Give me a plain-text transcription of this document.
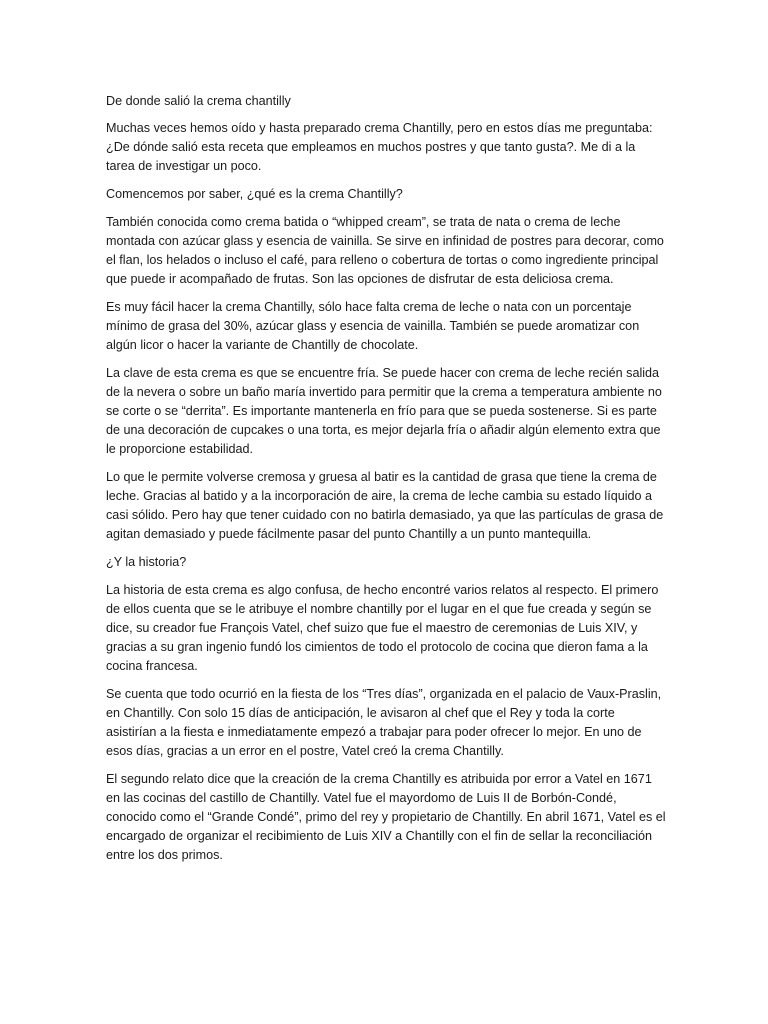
De donde salió la crema chantilly

Muchas veces hemos oído y hasta preparado crema Chantilly, pero en estos días me preguntaba: ¿De dónde salió esta receta que empleamos en muchos postres y que tanto gusta?. Me di a la tarea de investigar un poco.

Comencemos por saber, ¿qué es la crema Chantilly?

También conocida como crema batida o “whipped cream”, se trata de nata o crema de leche montada con azúcar glass y esencia de vainilla. Se sirve en infinidad de postres para decorar, como el flan, los helados o incluso el café, para relleno o cobertura de tortas o como ingrediente principal que puede ir acompañado de frutas. Son las opciones de disfrutar de esta deliciosa crema.

Es muy fácil hacer la crema Chantilly, sólo hace falta crema de leche o nata con un porcentaje mínimo de grasa del 30%, azúcar glass y esencia de vainilla. También se puede aromatizar con algún licor o hacer la variante de Chantilly de chocolate.

La clave de esta crema es que se encuentre fría. Se puede hacer con crema de leche recién salida de la nevera o sobre un baño maría invertido para permitir que la crema a temperatura ambiente no se corte o se “derrita”. Es importante mantenerla en frío para que se pueda sostenerse. Si es parte de una decoración de cupcakes o una torta, es mejor dejarla fría o añadir algún elemento extra que le proporcione estabilidad.

Lo que le permite volverse cremosa y gruesa al batir es la cantidad de grasa que tiene la crema de leche. Gracias al batido y a la incorporación de aire, la crema de leche cambia su estado líquido a casi sólido. Pero hay que tener cuidado con no batirla demasiado, ya que las partículas de grasa de agitan demasiado y puede fácilmente pasar del punto Chantilly a un punto mantequilla.

¿Y la historia?

La historia de esta crema es algo confusa, de hecho encontré varios relatos al respecto. El primero de ellos cuenta que se le atribuye el nombre chantilly por el lugar en el que fue creada y según se dice, su creador fue François Vatel, chef suizo que fue el maestro de ceremonias de Luis XIV, y gracias a su gran ingenio fundó los cimientos de todo el protocolo de cocina que dieron fama a la cocina francesa.

Se cuenta que todo ocurrió en la fiesta de los “Tres días”, organizada en el palacio de Vaux-Praslin, en Chantilly. Con solo 15 días de anticipación, le avisaron al chef que el Rey y toda la corte asistirían a la fiesta e inmediatamente empezó a trabajar para poder ofrecer lo mejor. En uno de esos días, gracias a un error en el postre, Vatel creó la crema Chantilly.

El segundo relato dice que la creación de la crema Chantilly es atribuida por error a Vatel en 1671 en las cocinas del castillo de Chantilly. Vatel fue el mayordomo de Luis II de Borbón-Condé, conocido como el “Grande Condé”, primo del rey y propietario de Chantilly. En abril 1671, Vatel es el encargado de organizar el recibimiento de Luis XIV a Chantilly con el fin de sellar la reconciliación entre los dos primos.
